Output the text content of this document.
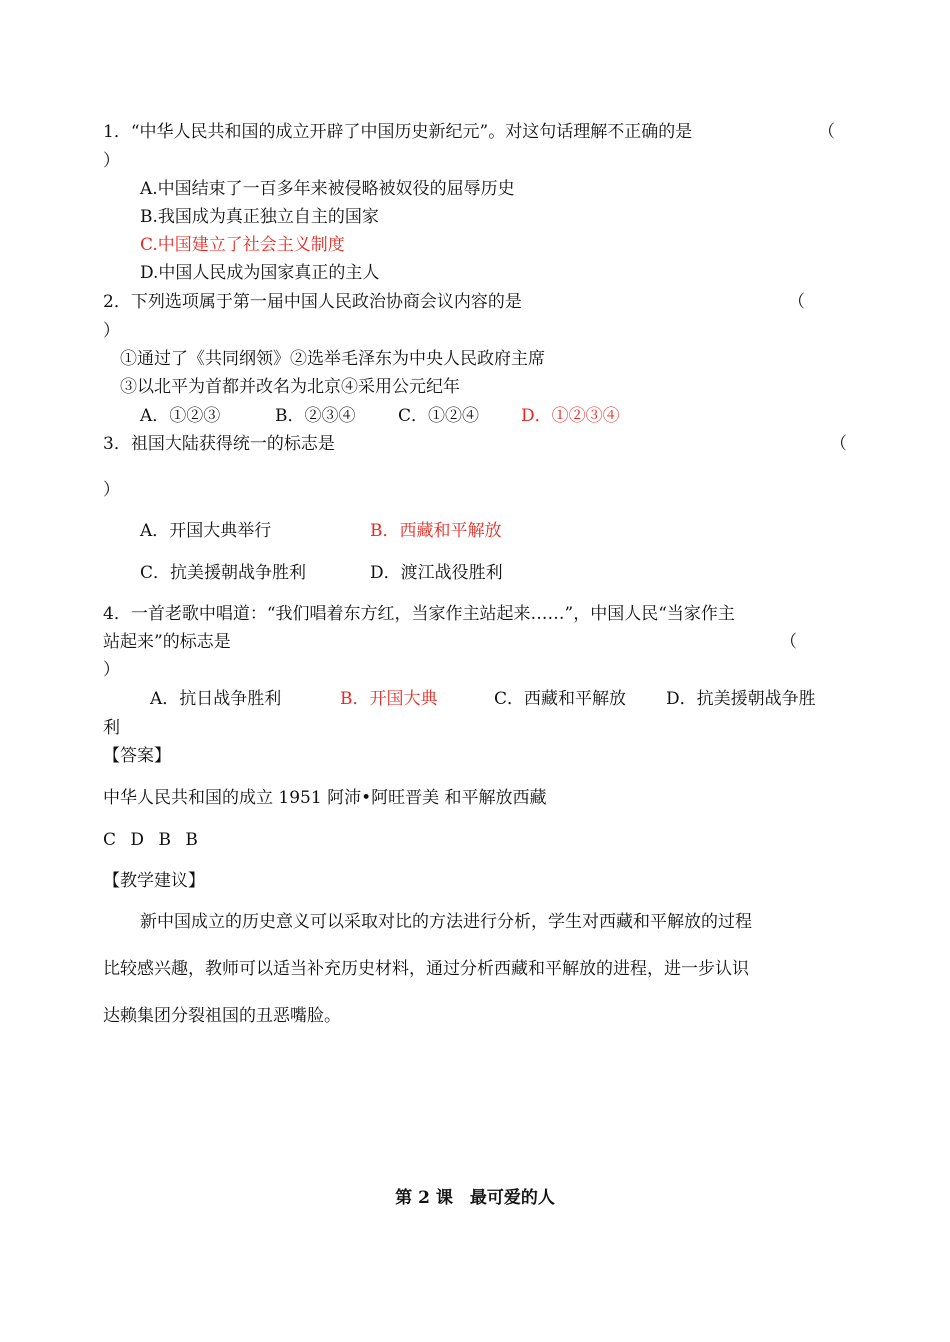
1．“中华人民共和国的成立开辟了中国历史新纪元”。对这句话理解不正确的是	（
）
A.中国结束了一百多年来被侵略被奴役的屈辱历史
B.我国成为真正独立自主的国家
C.中国建立了社会主义制度
D.中国人民成为国家真正的主人
2．下列选项属于第一届中国人民政治协商会议内容的是	（
）
①通过了《共同纲领》②选举毛泽东为中央人民政府主席
③以北平为首都并改名为北京④采用公元纪年
A．①②③	B．②③④	C．①②④ D．①②③④
3．祖国大陆获得统一的标志是	（
）
A．开国大典举行	B．西藏和平解放
C．抗美援朝战争胜利	D．渡江战役胜利
4．一首老歌中唱道：“我们唱着东方红，当家作主站起来……”，中国人民“当家作主
站起来”的标志是	（
）
A．抗日战争胜利	B．开国大典	C．西藏和平解放 D．抗美援朝战争胜
利
【答案】
中华人民共和国的成立 1951 阿沛•阿旺晋美 和平解放西藏
C D B B
【教学建议】
新中国成立的历史意义可以采取对比的方法进行分析，学生对西藏和平解放的过程
比较感兴趣，教师可以适当补充历史材料，通过分析西藏和平解放的进程，进一步认识
达赖集团分裂祖国的丑恶嘴脸。
第 2 课　最可爱的人
